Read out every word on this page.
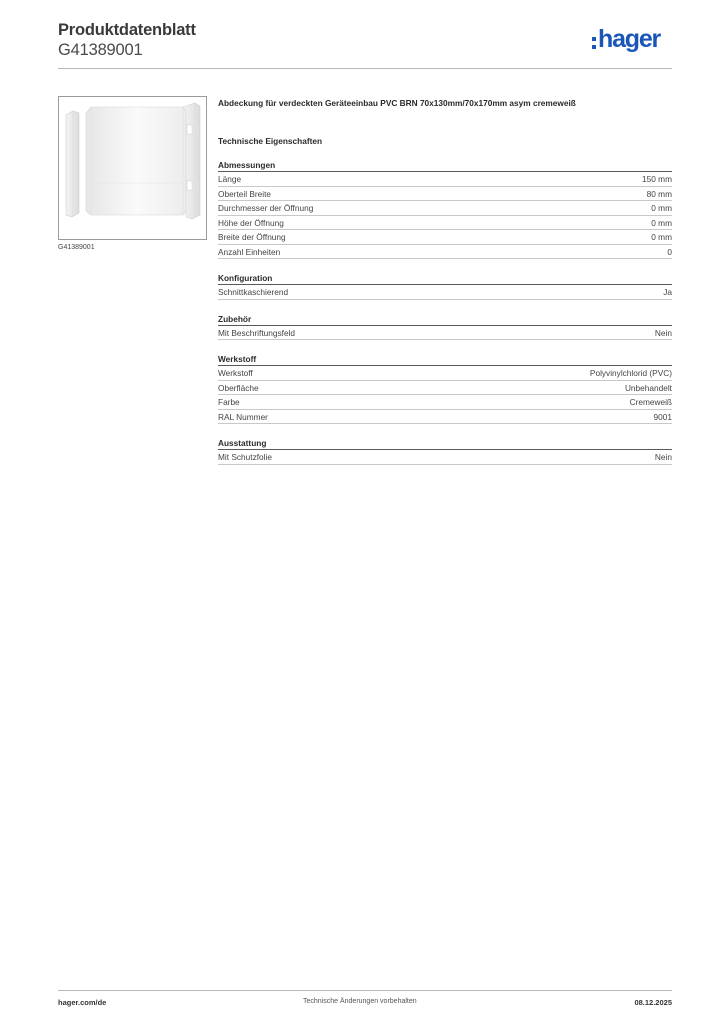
Produktdatenblatt
G41389001	hager
G41389001
Abdeckung für verdeckten Geräteeinbau PVC BRN 70x130mm/70x170mm asym cremeweiß
Technische Eigenschaften
Abmessungen
Länge	150 mm
Oberteil Breite	80 mm
Durchmesser der Öffnung	0 mm
Höhe der Öffnung	0 mm
Breite der Öffnung	0 mm
Anzahl Einheiten	0
Konfiguration
Schnittkaschierend	Ja
Zubehör
Mit Beschriftungsfeld	Nein
Werkstoff
Werkstoff	Polyvinylchlorid (PVC)
Oberfläche	Unbehandelt
Farbe	Cremeweiß
RAL Nummer	9001
Ausstattung
Mit Schutzfolie	Nein
hager.com/de	Technische Änderungen vorbehalten	08.12.2025
